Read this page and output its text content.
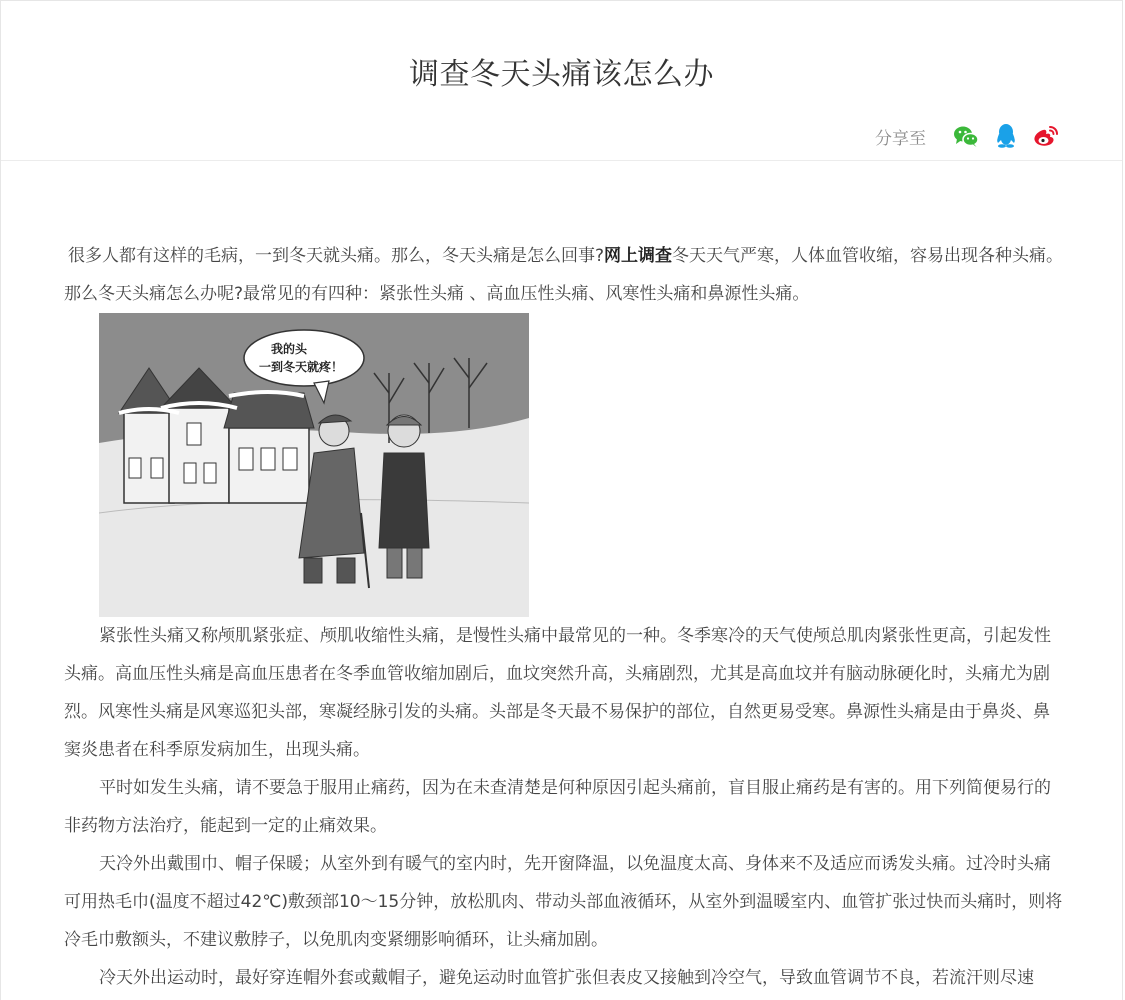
调查冬天头痛该怎么办
分享至

很多人都有这样的毛病，一到冬天就头痛。那么，冬天头痛是怎么回事?网上调查冬天天气严寒，人体血管收缩，容易出现各种头痛。那么冬天头痛怎么办呢?最常见的有四种：紧张性头痛 、高血压性头痛、风寒性头痛和鼻源性头痛。

我的头
一到冬天就疼！

紧张性头痛又称颅肌紧张症、颅肌收缩性头痛，是慢性头痛中最常见的一种。冬季寒冷的天气使颅总肌肉紧张性更高，引起发性头痛。高血压性头痛是高血压患者在冬季血管收缩加剧后，血坟突然升高，头痛剧烈，尤其是高血坟并有脑动脉硬化时，头痛尤为剧烈。风寒性头痛是风寒巡犯头部，寒凝经脉引发的头痛。头部是冬天最不易保护的部位，自然更易受寒。鼻源性头痛是由于鼻炎、鼻窦炎患者在科季原发病加生，出现头痛。

平时如发生头痛，请不要急于服用止痛药，因为在未查清楚是何种原因引起头痛前，盲目服止痛药是有害的。用下列简便易行的非药物方法治疗，能起到一定的止痛效果。

天冷外出戴围巾、帽子保暖；从室外到有暖气的室内时，先开窗降温，以免温度太高、身体来不及适应而诱发头痛。过冷时头痛可用热毛巾(温度不超过42℃)敷颈部10～15分钟，放松肌肉、带动头部血液循环，从室外到温暖室内、血管扩张过快而头痛时，则将冷毛巾敷额头，不建议敷脖子，以免肌肉变紧绷影响循环，让头痛加剧。

冷天外出运动时，最好穿连帽外套或戴帽子，避免运动时血管扩张但表皮又接触到冷空气，导致血管调节不良，若流汗则尽速
